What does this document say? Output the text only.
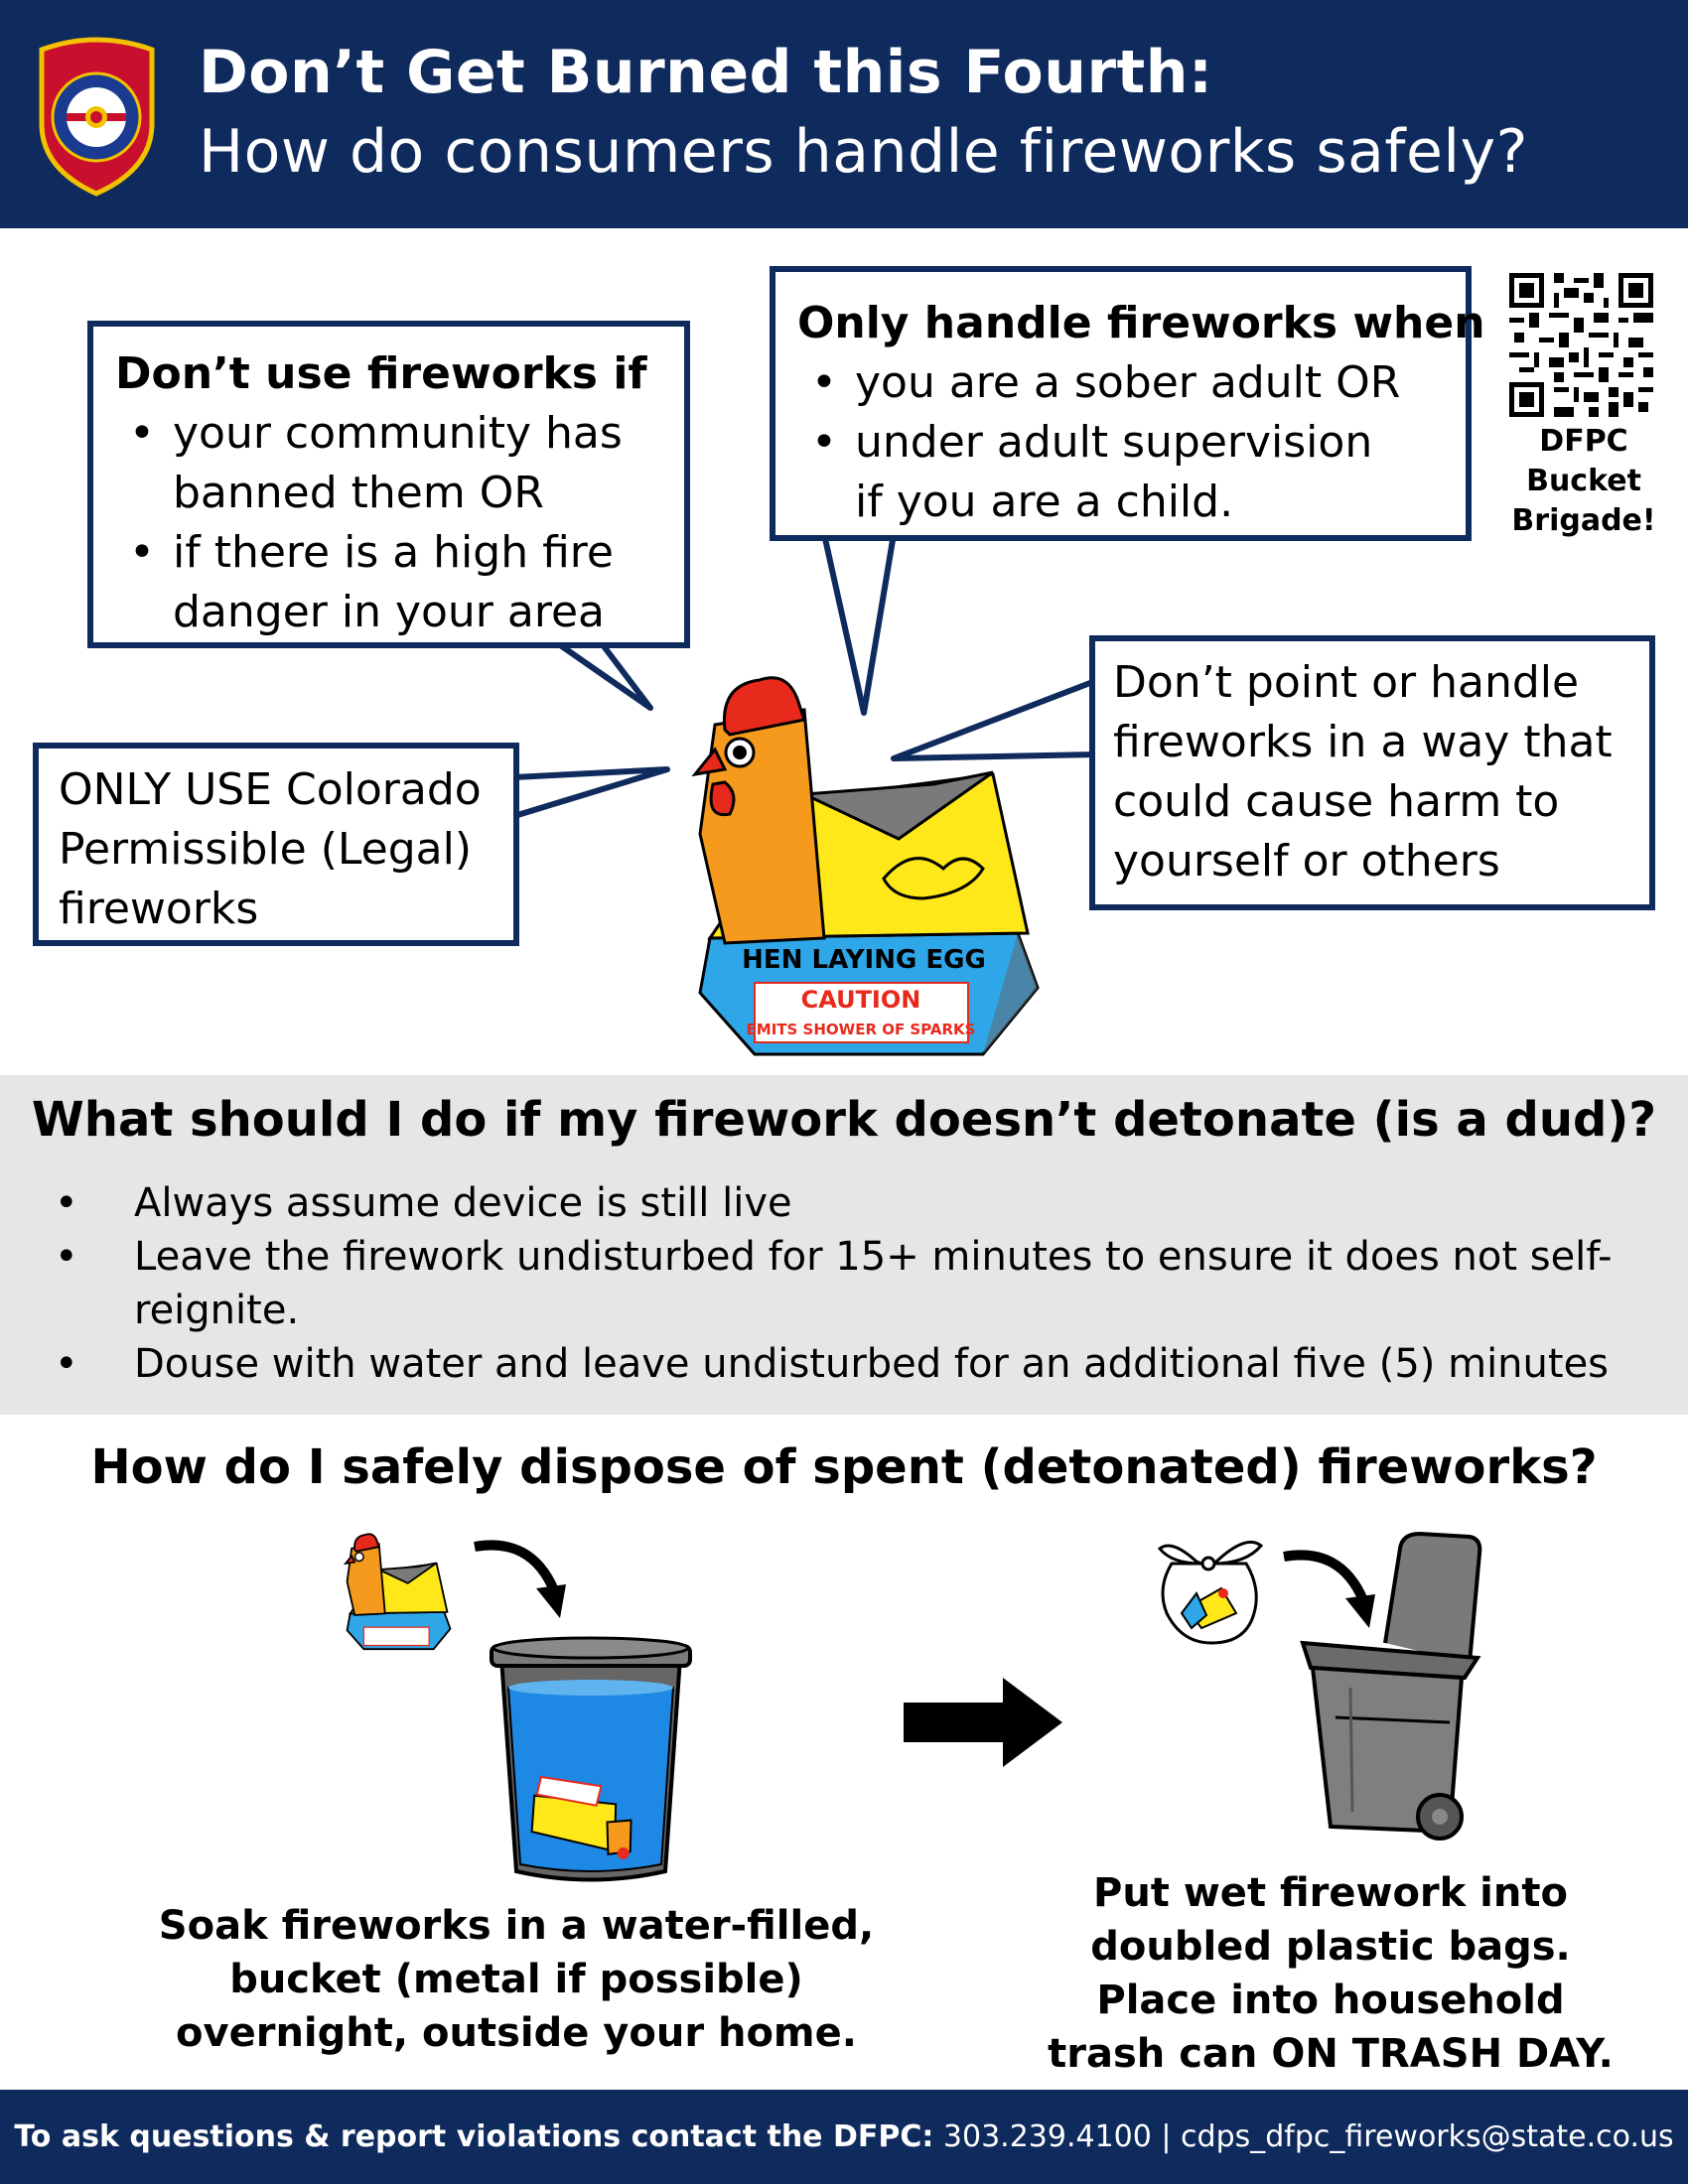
Don’t Get Burned this Fourth:
How do consumers handle fireworks safely?
Don’t use fireworks if
• your community has banned them OR
• if there is a high fire danger in your area
Only handle fireworks when
• you are a sober adult OR
• under adult supervision
if you are a child.
ONLY USE Colorado Permissible (Legal) fireworks
Don’t point or handle fireworks in a way that could cause harm to yourself or others
DFPC
Bucket
Brigade!
HEN LAYING EGG
CAUTION
EMITS SHOWER OF SPARKS
What should I do if my firework doesn’t detonate (is a dud)?
• Always assume device is still live
• Leave the firework undisturbed for 15+ minutes to ensure it does not self-reignite.
• Douse with water and leave undisturbed for an additional five (5) minutes
How do I safely dispose of spent (detonated) fireworks?
Soak fireworks in a water-filled, bucket (metal if possible) overnight, outside your home.
Put wet firework into doubled plastic bags. Place into household trash can ON TRASH DAY.
To ask questions & report violations contact the DFPC: 303.239.4100 | cdps_dfpc_fireworks@state.co.us
